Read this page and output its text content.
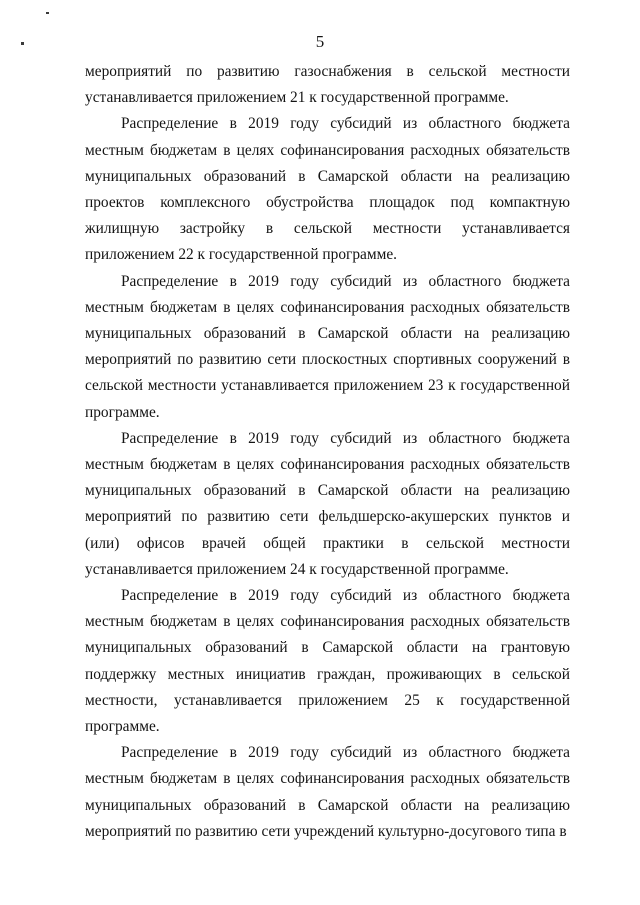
5

мероприятий по развитию газоснабжения в сельской местности устанавливается приложением 21 к государственной программе.

Распределение в 2019 году субсидий из областного бюджета местным бюджетам в целях софинансирования расходных обязательств муниципальных образований в Самарской области на реализацию проектов комплексного обустройства площадок под компактную жилищную застройку в сельской местности устанавливается приложением 22 к государственной программе.

Распределение в 2019 году субсидий из областного бюджета местным бюджетам в целях софинансирования расходных обязательств муниципальных образований в Самарской области на реализацию мероприятий по развитию сети плоскостных спортивных сооружений в сельской местности устанавливается приложением 23 к государственной программе.

Распределение в 2019 году субсидий из областного бюджета местным бюджетам в целях софинансирования расходных обязательств муниципальных образований в Самарской области на реализацию мероприятий по развитию сети фельдшерско-акушерских пунктов и (или) офисов врачей общей практики в сельской местности устанавливается приложением 24 к государственной программе.

Распределение в 2019 году субсидий из областного бюджета местным бюджетам в целях софинансирования расходных обязательств муниципальных образований в Самарской области на грантовую поддержку местных инициатив граждан, проживающих в сельской местности, устанавливается приложением 25 к государственной программе.

Распределение в 2019 году субсидий из областного бюджета местным бюджетам в целях софинансирования расходных обязательств муниципальных образований в Самарской области на реализацию мероприятий по развитию сети учреждений культурно-досугового типа в
